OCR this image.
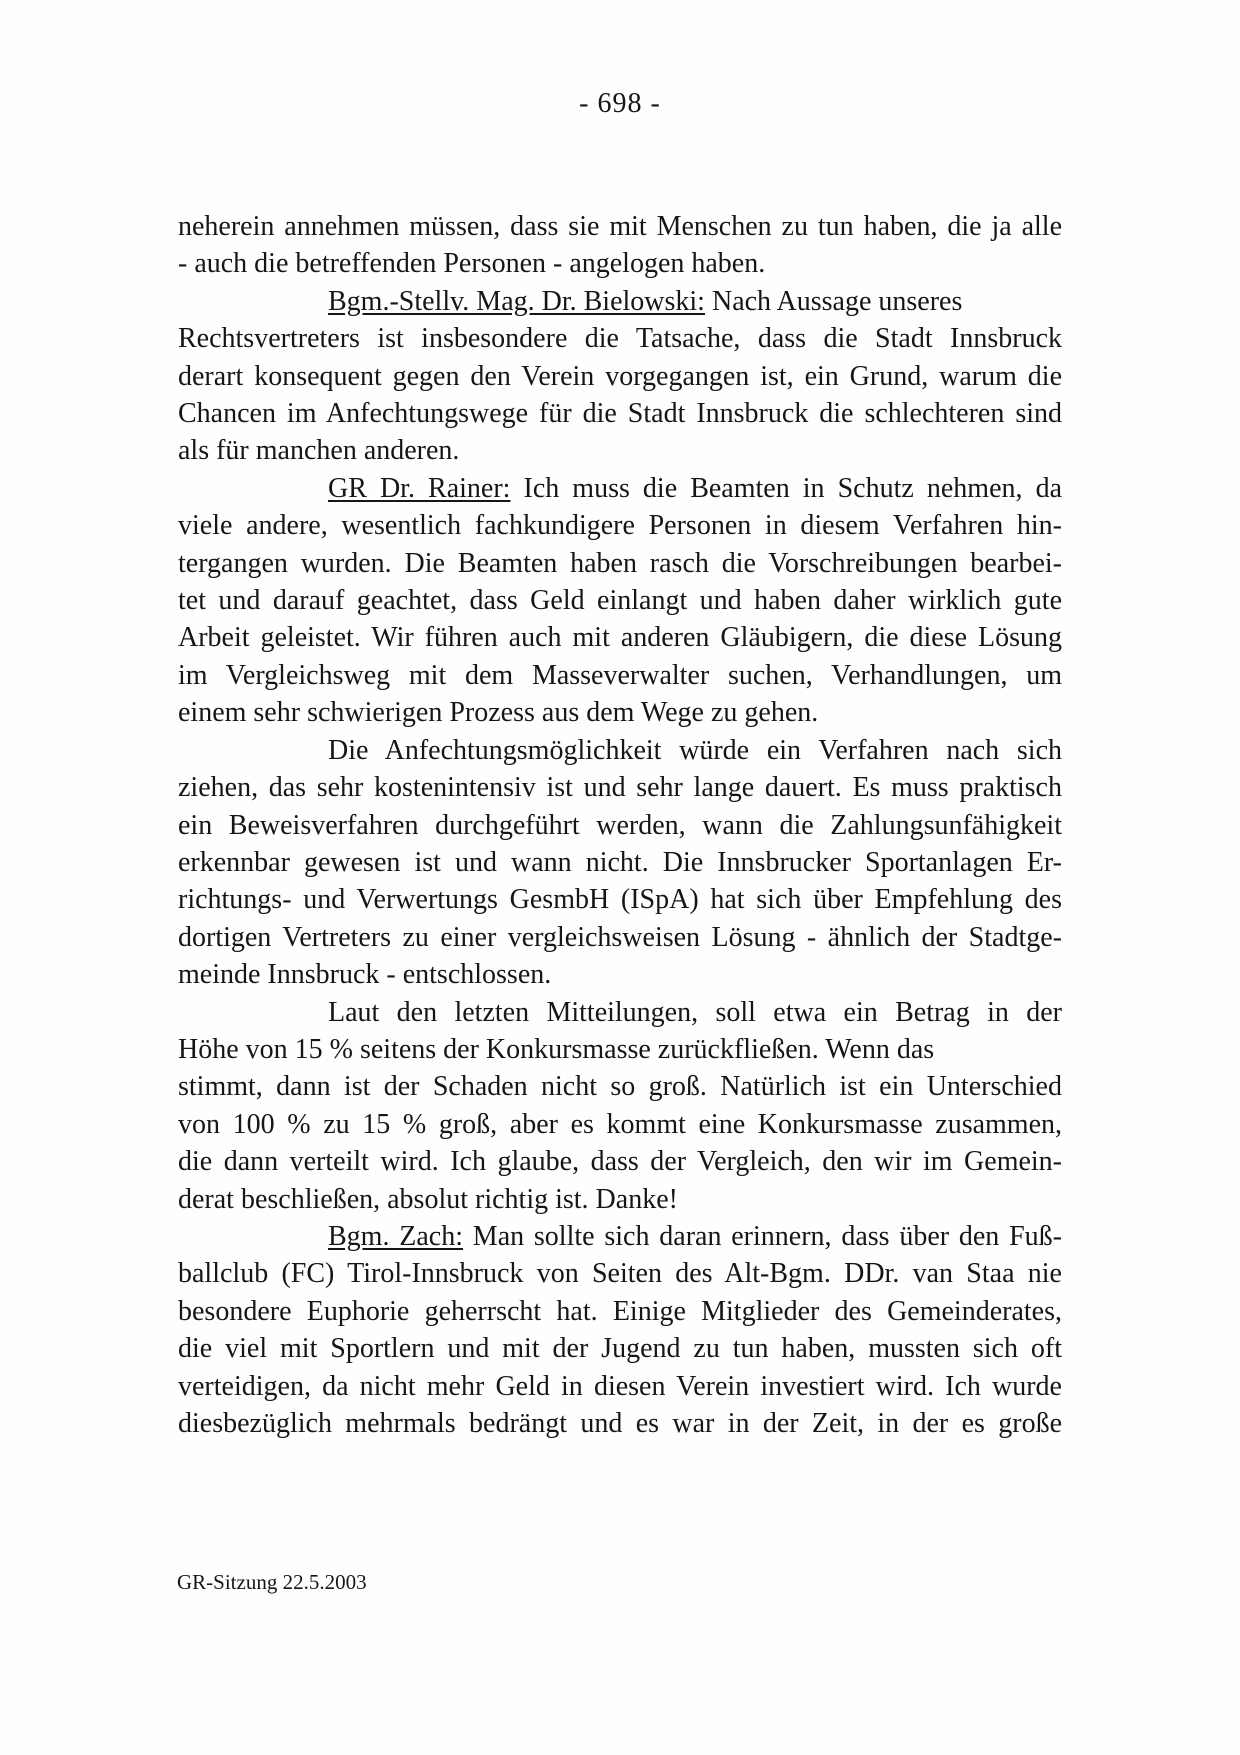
- 698 -
neherein annehmen müssen, dass sie mit Menschen zu tun haben, die ja alle
- auch die betreffenden Personen - angelogen haben.
Bgm.-Stellv. Mag. Dr. Bielowski: Nach Aussage unseres
Rechtsvertreters ist insbesondere die Tatsache, dass die Stadt Innsbruck
derart konsequent gegen den Verein vorgegangen ist, ein Grund, warum die
Chancen im Anfechtungswege für die Stadt Innsbruck die schlechteren sind
als für manchen anderen.
GR Dr. Rainer: Ich muss die Beamten in Schutz nehmen, da
viele andere, wesentlich fachkundigere Personen in diesem Verfahren hin-
tergangen wurden. Die Beamten haben rasch die Vorschreibungen bearbei-
tet und darauf geachtet, dass Geld einlangt und haben daher wirklich gute
Arbeit geleistet. Wir führen auch mit anderen Gläubigern, die diese Lösung
im Vergleichsweg mit dem Masseverwalter suchen, Verhandlungen, um
einem sehr schwierigen Prozess aus dem Wege zu gehen.
Die Anfechtungsmöglichkeit würde ein Verfahren nach sich
ziehen, das sehr kostenintensiv ist und sehr lange dauert. Es muss praktisch
ein Beweisverfahren durchgeführt werden, wann die Zahlungsunfähigkeit
erkennbar gewesen ist und wann nicht. Die Innsbrucker Sportanlagen Er-
richtungs- und Verwertungs GesmbH (ISpA) hat sich über Empfehlung des
dortigen Vertreters zu einer vergleichsweisen Lösung - ähnlich der Stadtge-
meinde Innsbruck - entschlossen.
Laut den letzten Mitteilungen, soll etwa ein Betrag in der
Höhe von 15 % seitens der Konkursmasse zurückfließen. Wenn das
stimmt, dann ist der Schaden nicht so groß. Natürlich ist ein Unterschied
von 100 % zu 15 % groß, aber es kommt eine Konkursmasse zusammen,
die dann verteilt wird. Ich glaube, dass der Vergleich, den wir im Gemein-
derat beschließen, absolut richtig ist. Danke!
Bgm. Zach: Man sollte sich daran erinnern, dass über den Fuß-
ballclub (FC) Tirol-Innsbruck von Seiten des Alt-Bgm. DDr. van Staa nie
besondere Euphorie geherrscht hat. Einige Mitglieder des Gemeinderates,
die viel mit Sportlern und mit der Jugend zu tun haben, mussten sich oft
verteidigen, da nicht mehr Geld in diesen Verein investiert wird. Ich wurde
diesbezüglich mehrmals bedrängt und es war in der Zeit, in der es große
GR-Sitzung 22.5.2003
